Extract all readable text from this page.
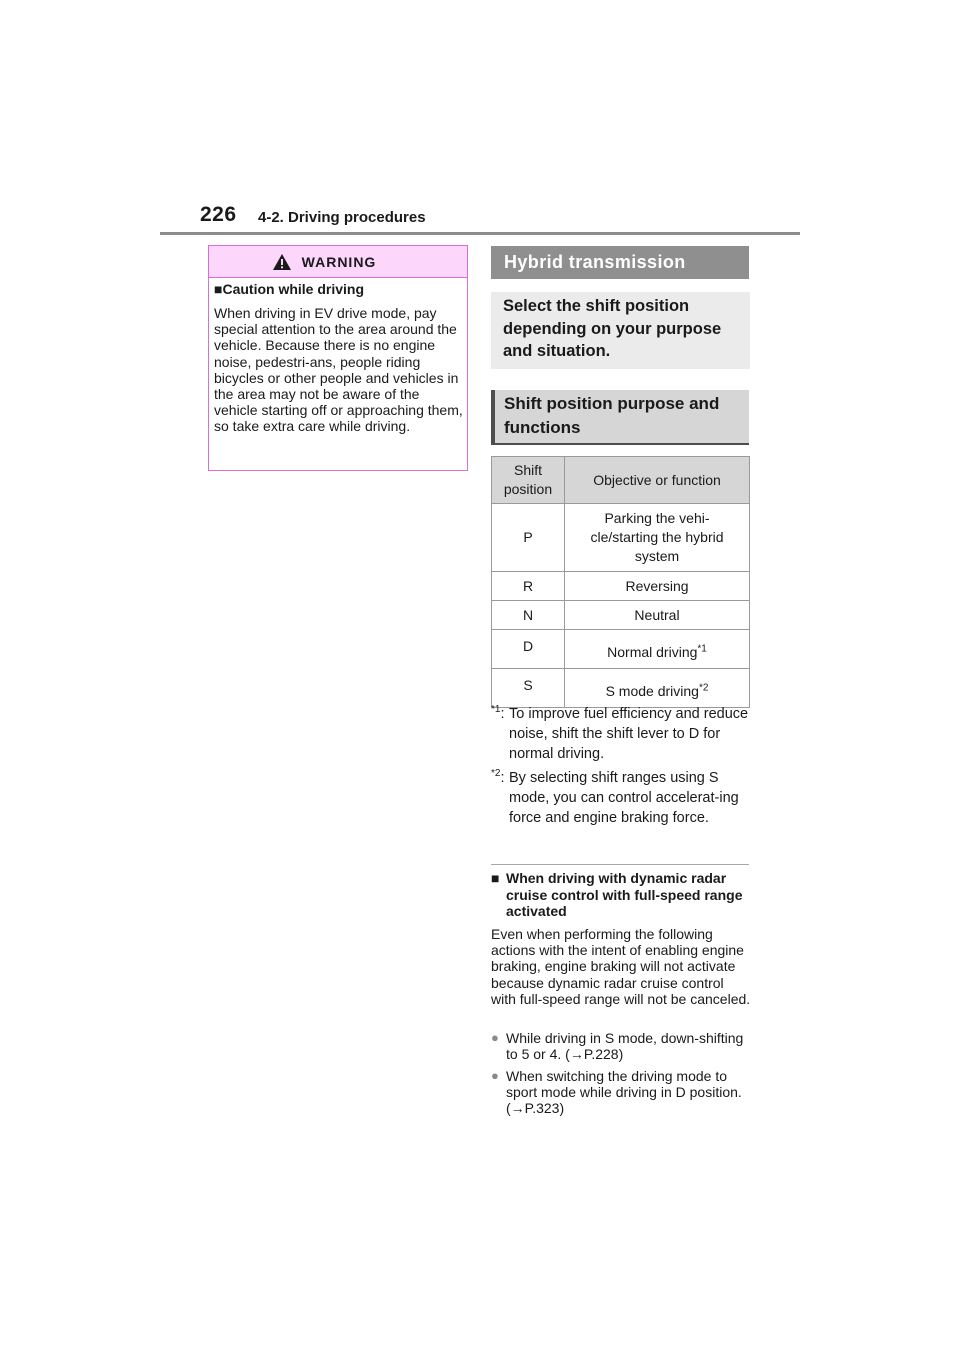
226 4-2. Driving procedures
WARNING
■Caution while driving
When driving in EV drive mode, pay special attention to the area around the vehicle. Because there is no engine noise, pedestri-ans, people riding bicycles or other people and vehicles in the area may not be aware of the vehicle starting off or approaching them, so take extra care while driving.
Hybrid transmission
Select the shift position depending on your purpose and situation.
Shift position purpose and functions
Shift
position	Objective or function
P	Parking the vehi-
cle/starting the hybrid
system
R	Reversing
N	Neutral
D	Normal driving$^{*1}$
S	S mode driving$^{*2}$
$^{*1}$: To improve fuel efficiency and reduce noise, shift the shift lever to D for normal driving.
$^{*2}$: By selecting shift ranges using S mode, you can control accelerat-ing force and engine braking force.
■ When driving with dynamic radar cruise control with full-speed range activated
Even when performing the following actions with the intent of enabling engine braking, engine braking will not activate because dynamic radar cruise control with full-speed range will not be canceled.
● While driving in S mode, down-shifting to 5 or 4. (→P.228)
● When switching the driving mode to sport mode while driving in D position. (→P.323)
